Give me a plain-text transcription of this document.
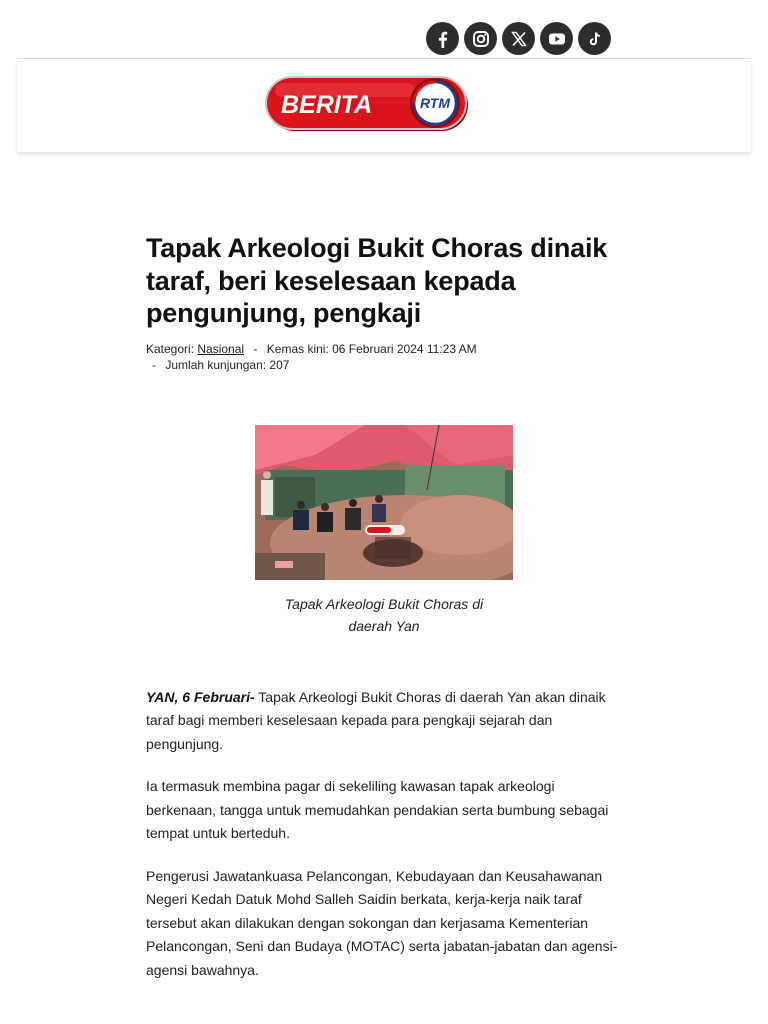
BERITA	RTM
Tapak Arkeologi Bukit Choras dinaik taraf, beri keselesaan kepada pengunjung, pengkaji
Kategori: Nasional - Kemas kini: 06 Februari 2024 11:23 AM
- Jumlah kunjungan: 207
Tapak Arkeologi Bukit Choras di daerah Yan

YAN, 6 Februari- Tapak Arkeologi Bukit Choras di daerah Yan akan dinaik taraf bagi memberi keselesaan kepada para pengkaji sejarah dan pengunjung.

Ia termasuk membina pagar di sekeliling kawasan tapak arkeologi berkenaan, tangga untuk memudahkan pendakian serta bumbung sebagai tempat untuk berteduh.

Pengerusi Jawatankuasa Pelancongan, Kebudayaan dan Keusahawanan Negeri Kedah Datuk Mohd Salleh Saidin berkata, kerja-kerja naik taraf tersebut akan dilakukan dengan sokongan dan kerjasama Kementerian Pelancongan, Seni dan Budaya (MOTAC) serta jabatan-jabatan dan agensi-agensi bawahnya.
